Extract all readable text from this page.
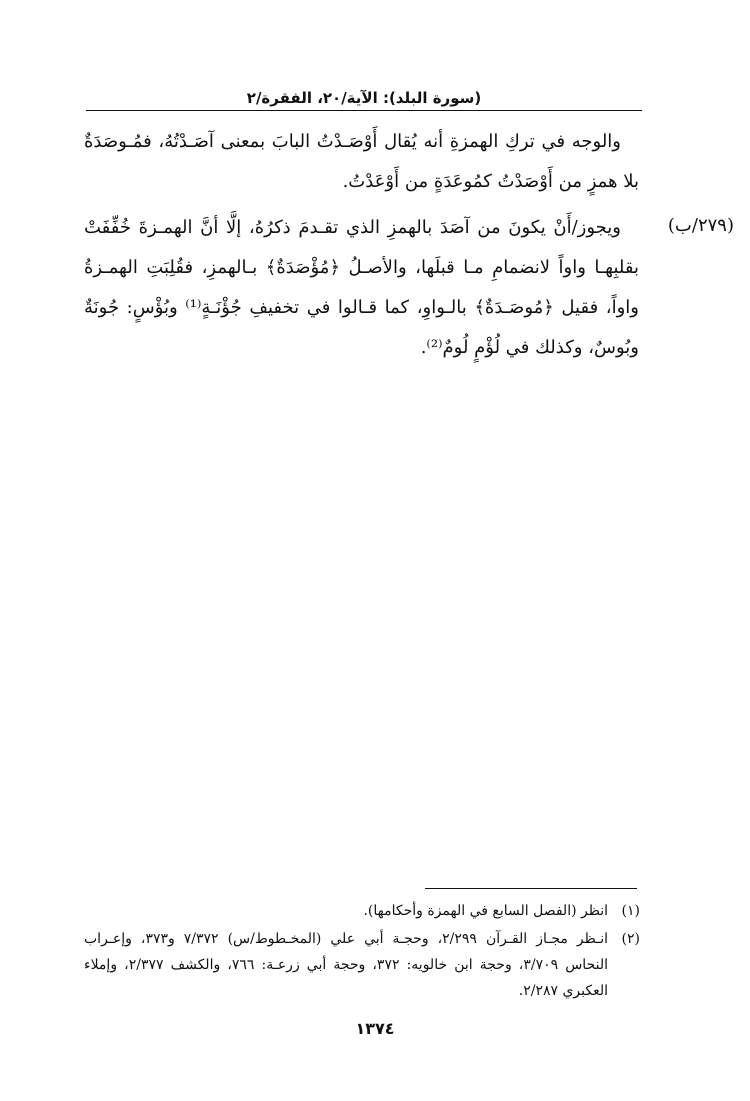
(سورة البلد): الآية/٢٠، الفقرة/٢

والوجه في تركِ الهمزةِ أنه يُقال أَوْصَـدْتُ البابَ بمعنى آصَـدْتُهُ، فمُـوصَدَةٌ بلا همزٍ من أَوْصَدْتُ كمُوعَدَةٍ من أَوْعَدْتُ.

ويجوز/أَنْ يكونَ من آصَدَ بالهمزِ الذي تقـدمَ ذكرُهُ، إلَّا أنَّ الهمـزةَ خُفِّفَتْ بقلبِهـا واواً لانضمامِ مـا قبلَها، والأصـلُ ﴿مُؤْصَدَةٌ﴾ بـالهمزِ، فقُلِبَتِ الهمـزةُ واواً، فقيل ﴿مُوصَـدَةٌ﴾ بالـواوِ، كما قـالوا في تخفيفِ جُؤْنَـةٍ⁽¹⁾ وبُؤْسٍ: جُونَةٌ وبُوسٌ، وكذلك في لُؤْمٍ لُومٌ⁽²⁾.

(٢٧٩/ب)
(١)
انظر (الفصل السابع في الهمزة وأحكامها).
(٢)
انـظر مجـاز القـرآن ٢/٢٩٩، وحجـة أبي علي (المخـطوط/س) ٧/٣٧٢ و٣٧٣، وإعـراب النحاس ٣/٧٠٩، وحجة ابن خالويه: ٣٧٢، وحجة أبي زرعـة: ٧٦٦، والكشف ٢/٣٧٧، وإملاء العكبري ٢/٢٨٧.
١٣٧٤
